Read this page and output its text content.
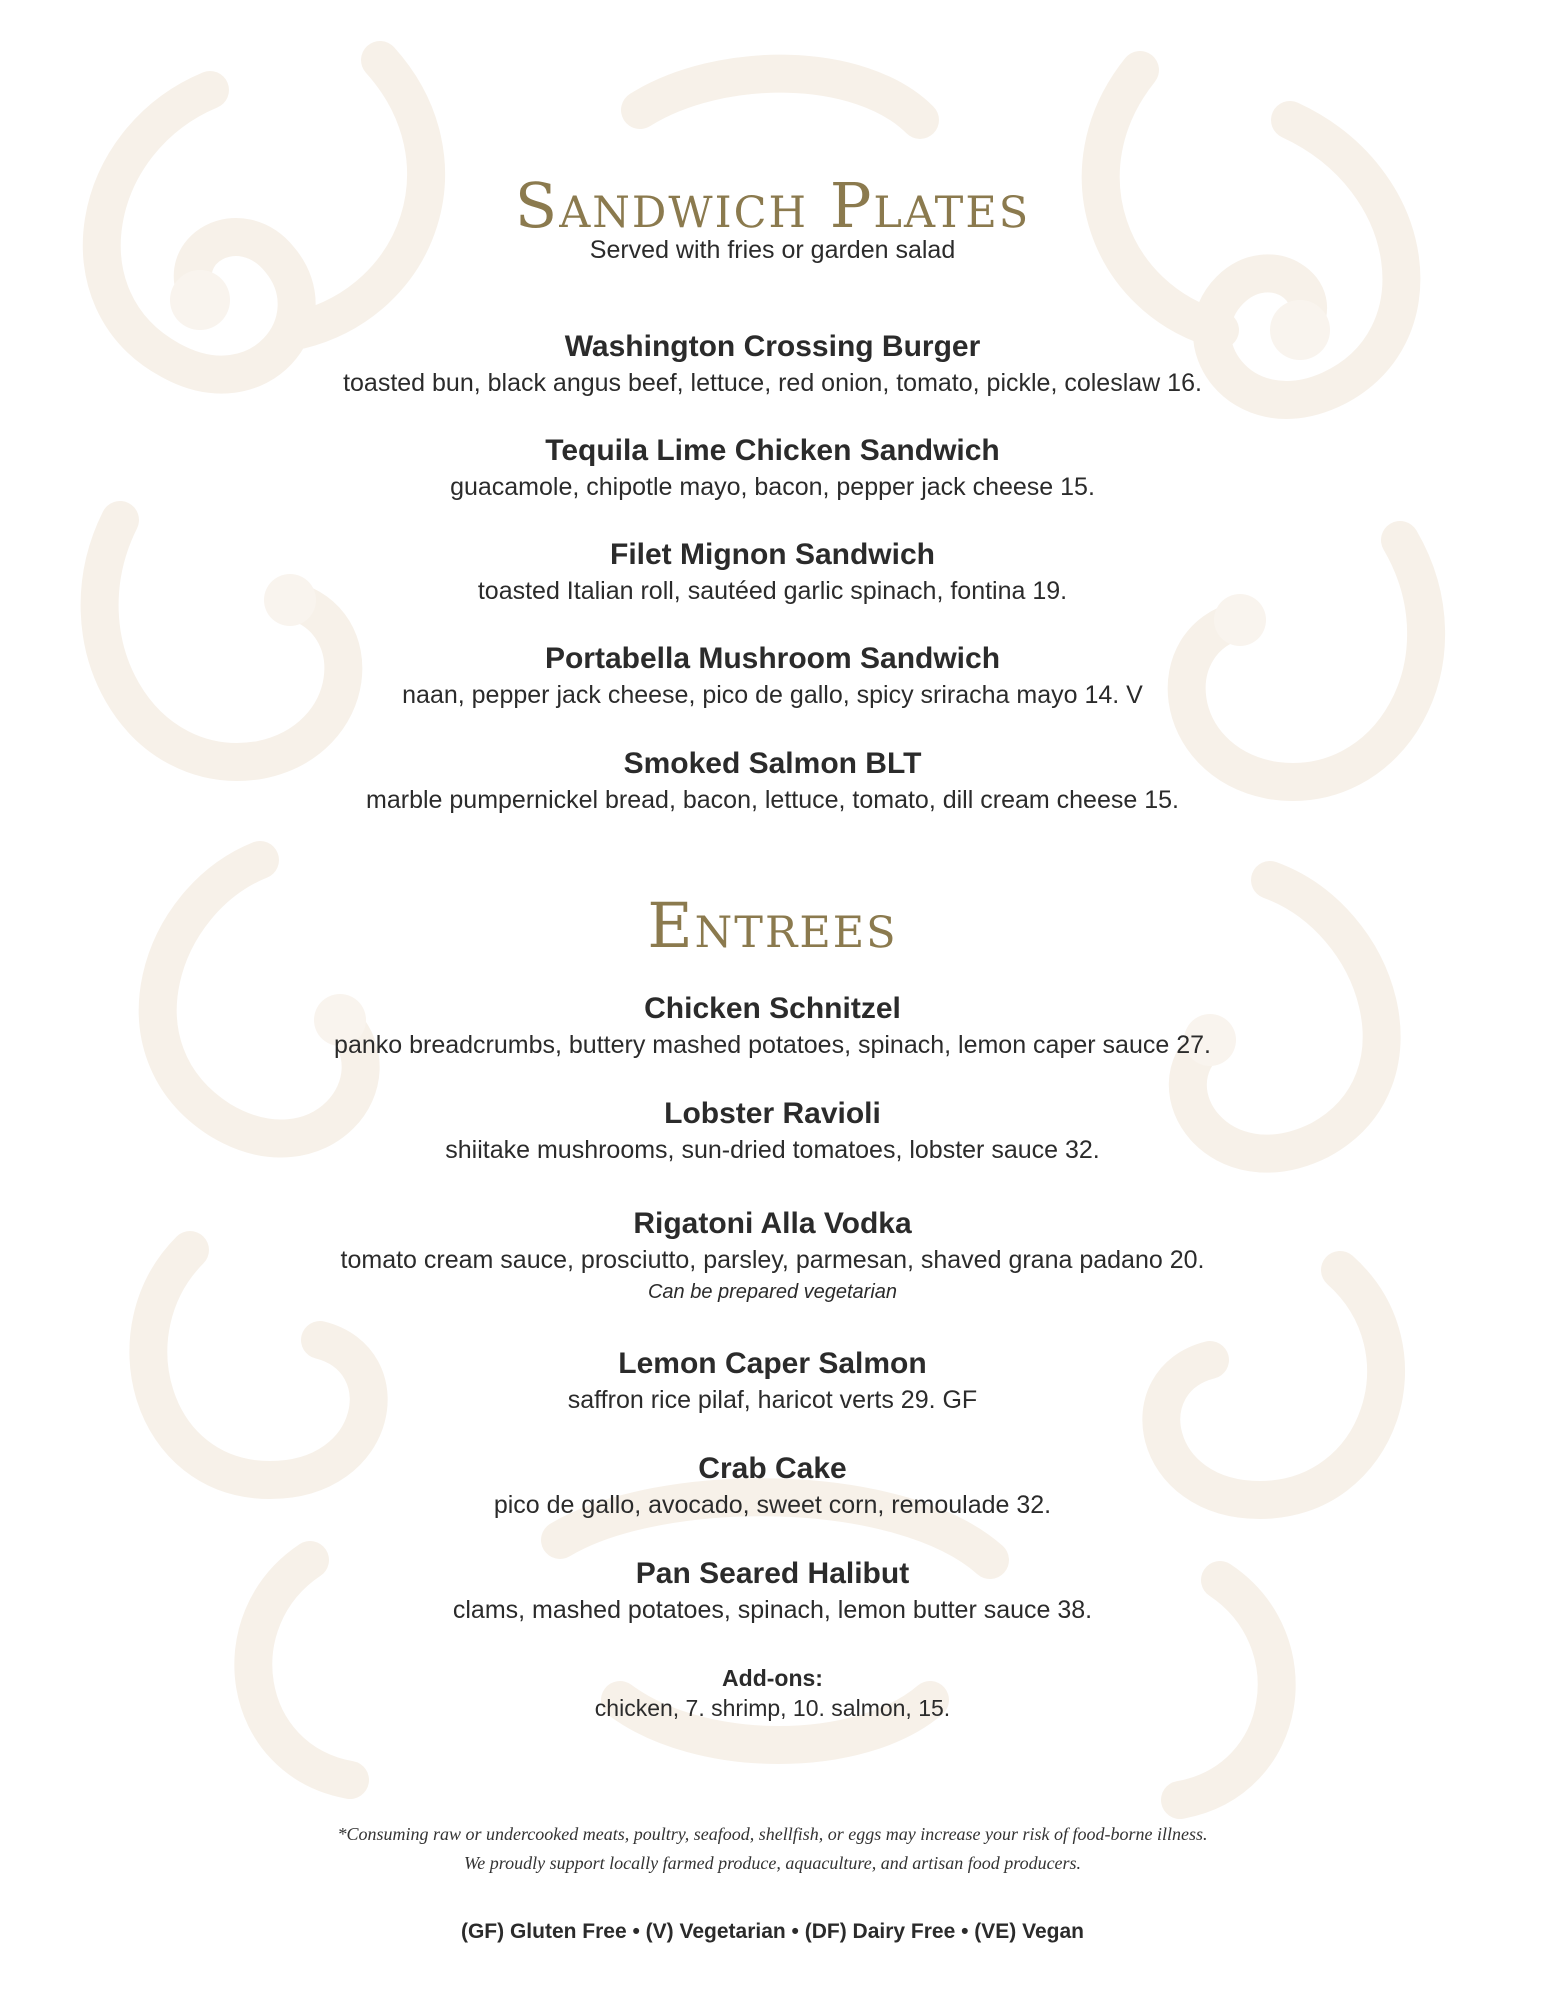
Sandwich Plates
Served with fries or garden salad
Washington Crossing Burger
toasted bun, black angus beef, lettuce, red onion, tomato, pickle, coleslaw 16.
Tequila Lime Chicken Sandwich
guacamole, chipotle mayo, bacon, pepper jack cheese 15.
Filet Mignon Sandwich
toasted Italian roll, sautéed garlic spinach, fontina 19.
Portabella Mushroom Sandwich
naan, pepper jack cheese, pico de gallo, spicy sriracha mayo 14. V
Smoked Salmon BLT
marble pumpernickel bread, bacon, lettuce, tomato, dill cream cheese 15.
Entrees
Chicken Schnitzel
panko breadcrumbs, buttery mashed potatoes, spinach, lemon caper sauce 27.
Lobster Ravioli
shiitake mushrooms, sun-dried tomatoes, lobster sauce 32.
Rigatoni Alla Vodka
tomato cream sauce, prosciutto, parsley, parmesan, shaved grana padano 20.
Can be prepared vegetarian
Lemon Caper Salmon
saffron rice pilaf, haricot verts 29. GF
Crab Cake
pico de gallo, avocado, sweet corn, remoulade 32.
Pan Seared Halibut
clams, mashed potatoes, spinach, lemon butter sauce 38.
Add-ons:
chicken, 7. shrimp, 10. salmon, 15.
*Consuming raw or undercooked meats, poultry, seafood, shellfish, or eggs may increase your risk of food-borne illness.
We proudly support locally farmed produce, aquaculture, and artisan food producers.
(GF) Gluten Free • (V) Vegetarian • (DF) Dairy Free • (VE) Vegan
